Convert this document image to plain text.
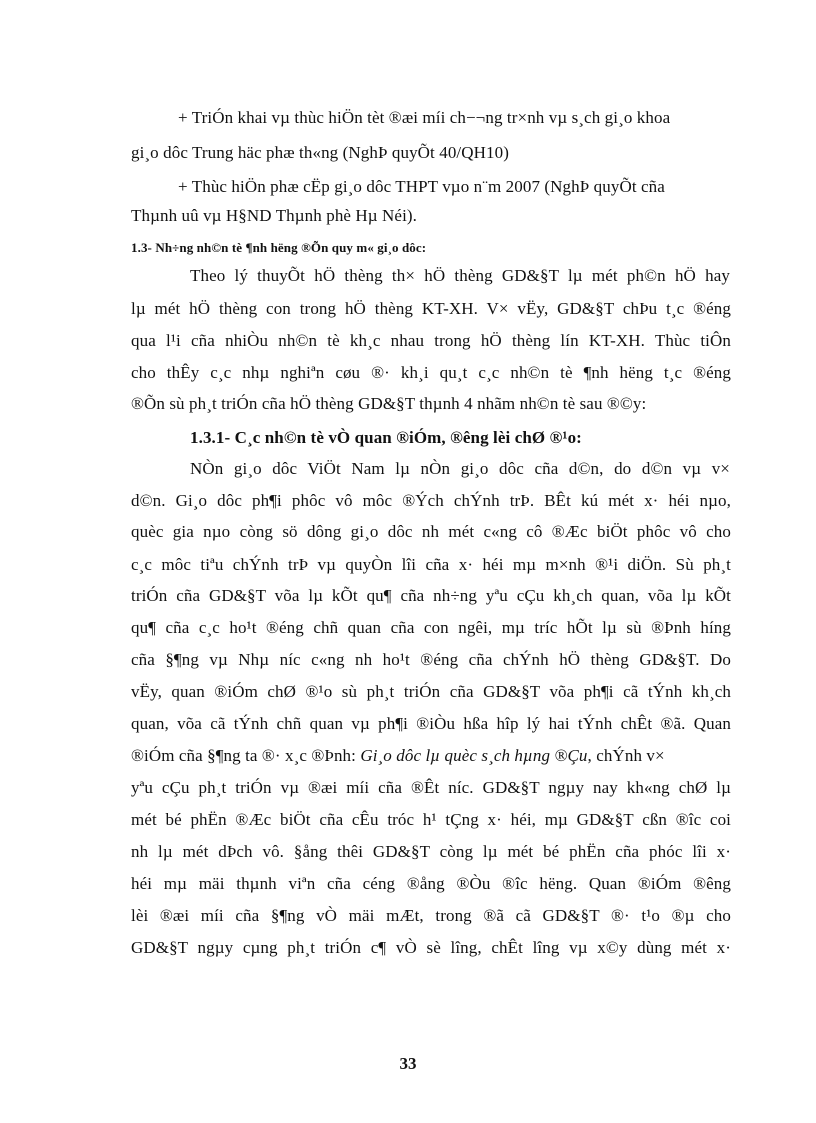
+ TriÓn khai vµ thùc hiÖn tèt ®æi míi ch−¬ng tr×nh vµ s¸ch gi¸o khoa
gi¸o dôc Trung häc phæ th«ng (NghÞ quyÕt 40/QH10)
+ Thùc hiÖn phæ cËp gi¸o dôc THPT vµo n¨m 2007 (NghÞ quyÕt cña
Thµnh uû vµ H§ND Thµnh phè Hµ Néi).
1.3- Nh÷ng nh©n tè ¶nh hëng ®Õn quy m« gi¸o dôc:
Theo lý thuyÕt hÖ thèng th× hÖ thèng GD&§T lµ mét ph©n hÖ hay
lµ mét hÖ thèng con trong hÖ thèng KT-XH. V× vËy, GD&§T chÞu t¸c ®éng
qua l¹i cña nhiÒu nh©n tè kh¸c nhau trong hÖ thèng lín KT-XH. Thùc tiÔn
cho thÊy c¸c nhµ nghiªn cøu ®· kh¸i qu¸t c¸c nh©n tè ¶nh hëng t¸c ®éng
®Õn sù ph¸t triÓn cña hÖ thèng GD&§T thµnh 4 nhãm nh©n tè sau ®©y:
1.3.1- C¸c nh©n tè vÒ quan ®iÓm, ®êng lèi chØ ®¹o:
NÒn gi¸o dôc ViÖt Nam lµ nÒn gi¸o dôc cña d©n, do d©n vµ v×
d©n. Gi¸o dôc ph¶i phôc vô môc ®Ých chÝnh trÞ. BÊt kú mét x· héi nµo,
quèc gia nµo còng sö dông gi¸o dôc nh mét c«ng cô ®Æc biÖt phôc vô cho
c¸c môc tiªu chÝnh trÞ vµ quyÒn lîi cña x· héi mµ m×nh ®¹i diÖn. Sù ph¸t
triÓn cña GD&§T võa lµ kÕt qu¶ cña nh÷ng yªu cÇu kh¸ch quan, võa lµ kÕt
qu¶ cña c¸c ho¹t ®éng chñ quan cña con ngêi, mµ tríc hÕt lµ sù ®Þnh híng
cña §¶ng vµ Nhµ níc c«ng nh ho¹t ®éng cña chÝnh hÖ thèng GD&§T. Do
vËy, quan ®iÓm chØ ®¹o sù ph¸t triÓn cña GD&§T võa ph¶i cã tÝnh kh¸ch
quan, võa cã tÝnh chñ quan vµ ph¶i ®iÒu hßa hîp lý hai tÝnh chÊt ®ã. Quan
®iÓm cña §¶ng ta ®· x¸c ®Þnh: Gi¸o dôc lµ quèc s¸ch hµng ®Çu, chÝnh v×
yªu cÇu ph¸t triÓn vµ ®æi míi cña ®Êt níc. GD&§T ngµy nay kh«ng chØ lµ
mét bé phËn ®Æc biÖt cña cÊu tróc h¹ tÇng x· héi, mµ GD&§T cßn ®îc coi
nh lµ mét dÞch vô. §ång thêi GD&§T còng lµ mét bé phËn cña phóc lîi x·
héi mµ mäi thµnh viªn cña céng ®ång ®Òu ®îc hëng. Quan ®iÓm ®êng
lèi ®æi míi cña §¶ng vÒ mäi mÆt, trong ®ã cã GD&§T ®· t¹o ®µ cho
GD&§T ngµy cµng ph¸t triÓn c¶ vÒ sè lîng, chÊt lîng vµ x©y dùng mét x·
33
